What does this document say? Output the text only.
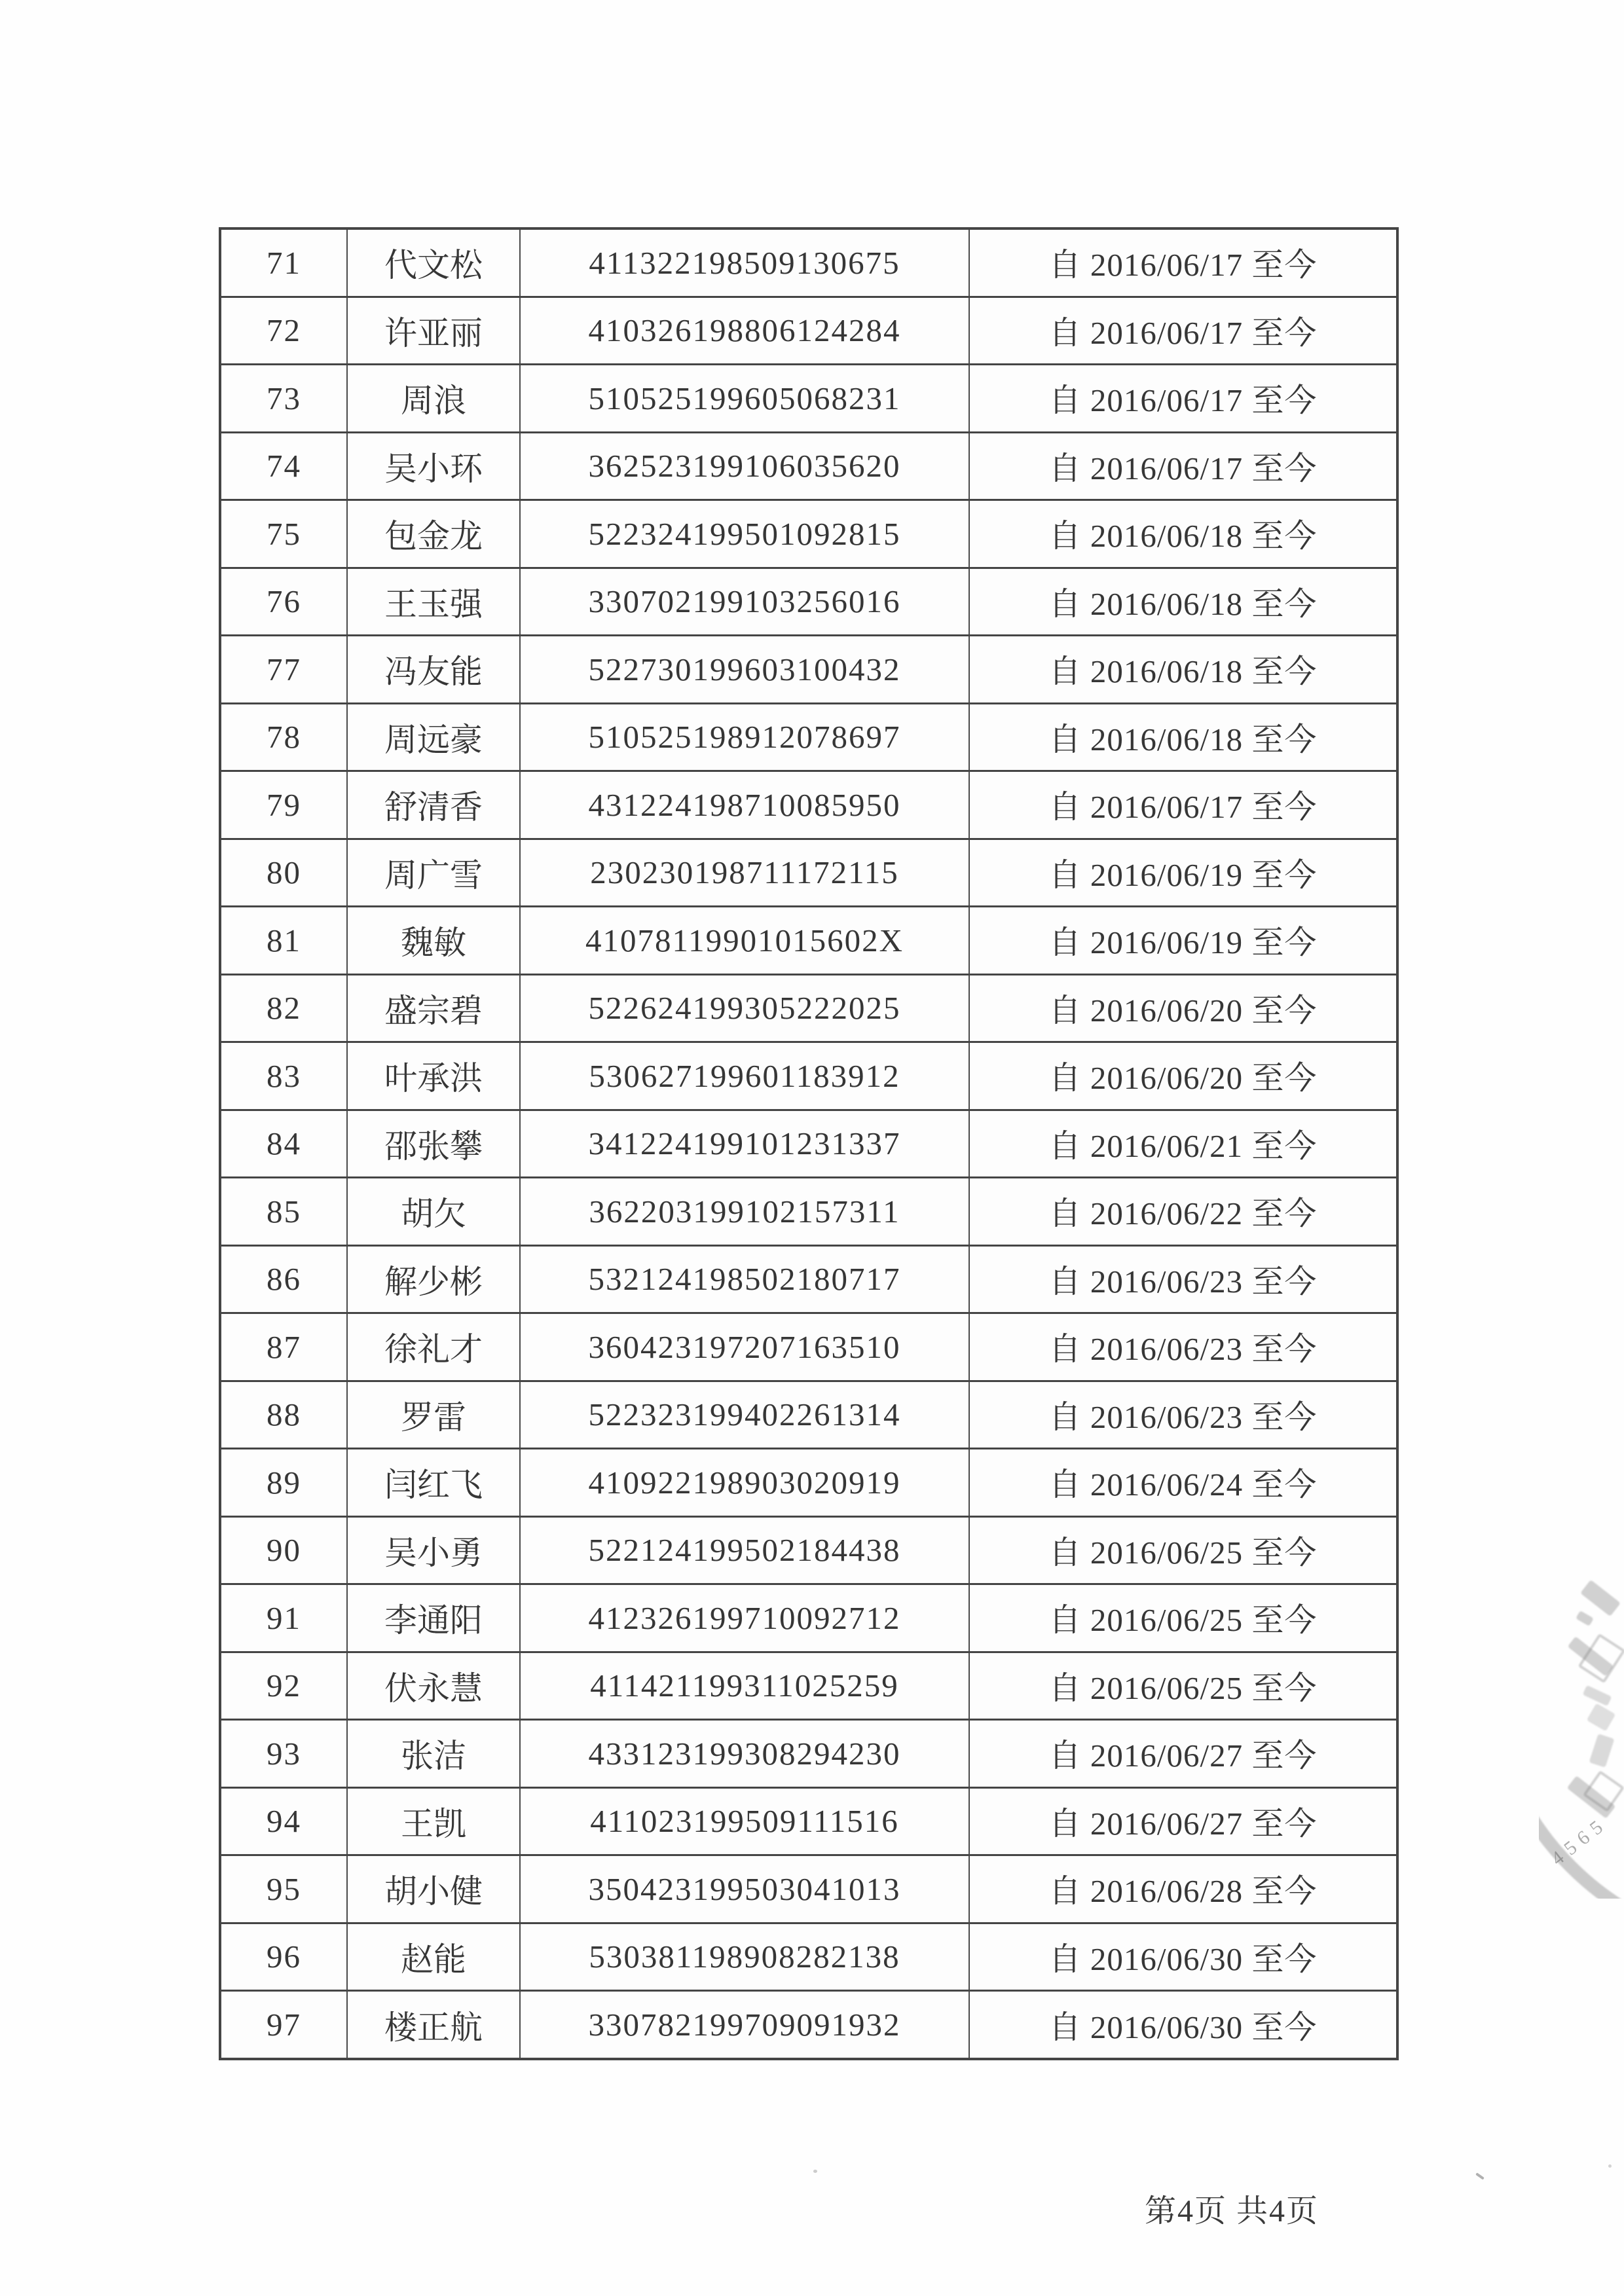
71	代文松	411322198509130675	自 2016/06/17 至今
72	许亚丽	410326198806124284	自 2016/06/17 至今
73	周浪	510525199605068231	自 2016/06/17 至今
74	吴小环	362523199106035620	自 2016/06/17 至今
75	包金龙	522324199501092815	自 2016/06/18 至今
76	王玉强	330702199103256016	自 2016/06/18 至今
77	冯友能	522730199603100432	自 2016/06/18 至今
78	周远豪	510525198912078697	自 2016/06/18 至今
79	舒清香	431224198710085950	自 2016/06/17 至今
80	周广雪	230230198711172115	自 2016/06/19 至今
81	魏敏	41078119901015602X	自 2016/06/19 至今
82	盛宗碧	522624199305222025	自 2016/06/20 至今
83	叶承洪	530627199601183912	自 2016/06/20 至今
84	邵张攀	341224199101231337	自 2016/06/21 至今
85	胡欠	362203199102157311	自 2016/06/22 至今
86	解少彬	532124198502180717	自 2016/06/23 至今
87	徐礼才	360423197207163510	自 2016/06/23 至今
88	罗雷	522323199402261314	自 2016/06/23 至今
89	闫红飞	410922198903020919	自 2016/06/24 至今
90	吴小勇	522124199502184438	自 2016/06/25 至今
91	李通阳	412326199710092712	自 2016/06/25 至今
92	伏永慧	411421199311025259	自 2016/06/25 至今
93	张洁	433123199308294230	自 2016/06/27 至今
94	王凯	411023199509111516	自 2016/06/27 至今
95	胡小健	350423199503041013	自 2016/06/28 至今
96	赵能	530381198908282138	自 2016/06/30 至今
97	楼正航	330782199709091932	自 2016/06/30 至今
第4页 共4页
4565
